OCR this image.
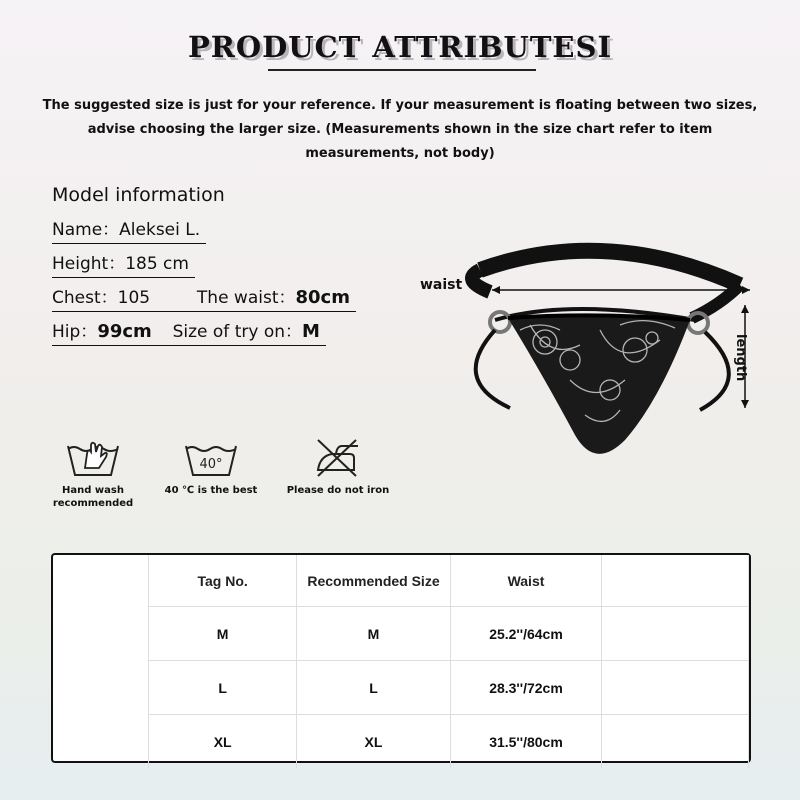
PRODUCT ATTRIBUTESI
The suggested size is just for your reference. If your measurement is floating between two sizes,
advise choosing the larger size. (Measurements shown in the size chart refer to item
measurements, not body)
Model information
Name：Aleksei L.
Height：185 cm
Chest：105	The waist：80cm
Hip：99cm Size of try on：M
waist
length
Hand wash
recommended
40°
40 ℃ is the best	Please do not iron
Tag No.	Recommended Size	Waist	
M	M	25.2''/64cm	
L	L	28.3''/72cm	
XL	XL	31.5''/80cm	
